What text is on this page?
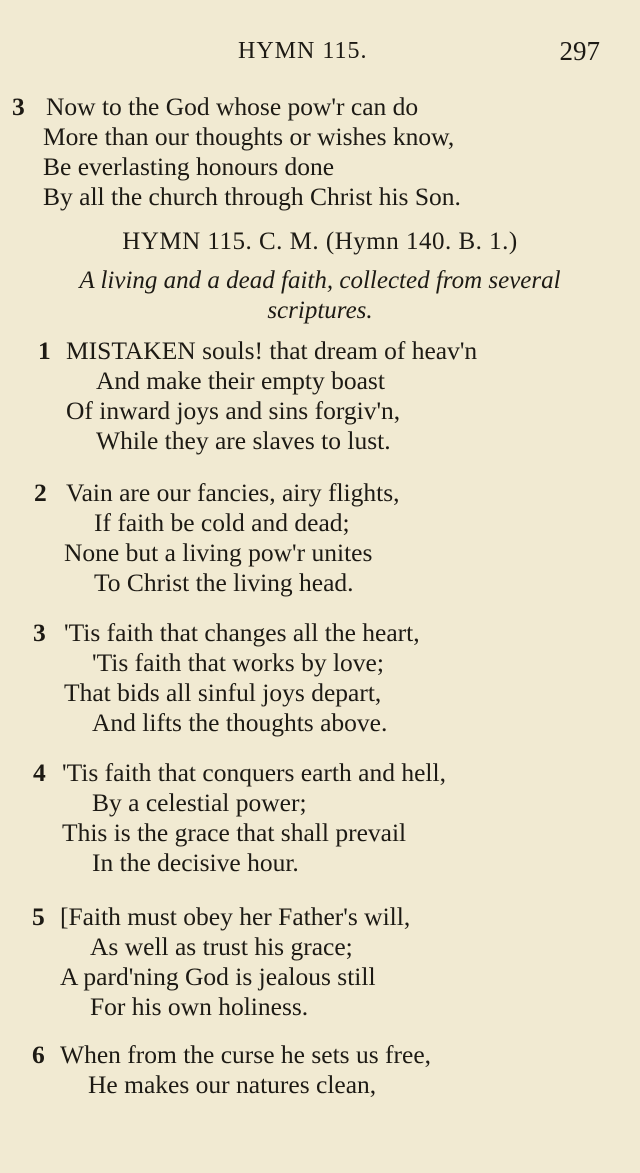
HYMN 115.	297
3 Now to the God whose pow'r can do
More than our thoughts or wishes know,
Be everlasting honours done
By all the church through Christ his Son.
HYMN 115. C. M. (Hymn 140. B. 1.)
A living and a dead faith, collected from several
scriptures.
1 MISTAKEN souls! that dream of heav'n
And make their empty boast
Of inward joys and sins forgiv'n,
While they are slaves to lust.
2 Vain are our fancies, airy flights,
If faith be cold and dead;
None but a living pow'r unites
To Christ the living head.
3 'Tis faith that changes all the heart,
'Tis faith that works by love;
That bids all sinful joys depart,
And lifts the thoughts above.
4 'Tis faith that conquers earth and hell,
By a celestial power;
This is the grace that shall prevail
In the decisive hour.
5 [Faith must obey her Father's will,
As well as trust his grace;
A pard'ning God is jealous still
For his own holiness.
6 When from the curse he sets us free,
He makes our natures clean,
